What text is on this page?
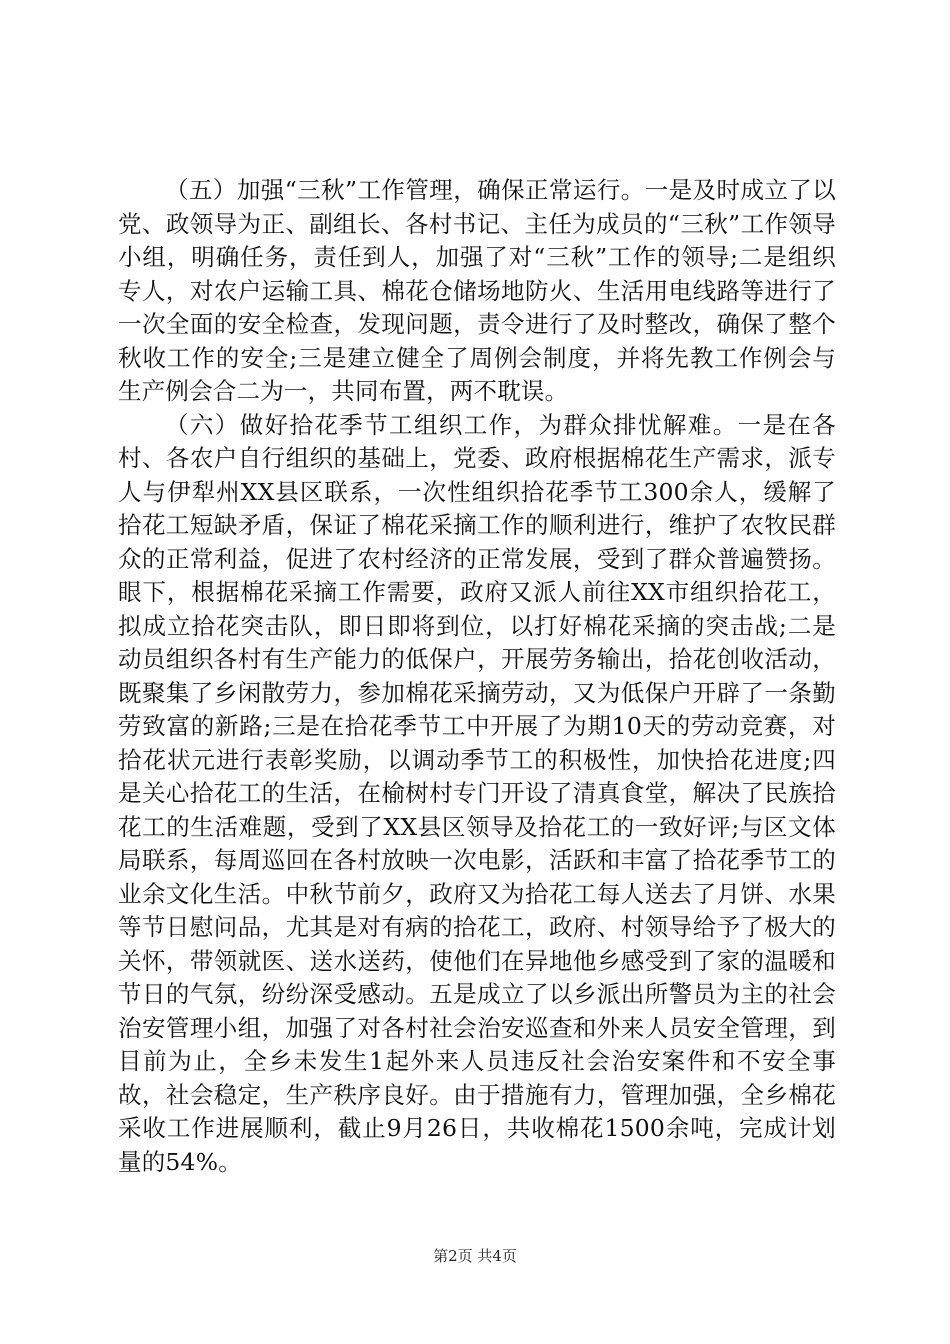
（五）加强“三秋”工作管理，确保正常运行。一是及时成立了以党、政领导为正、副组长、各村书记、主任为成员的“三秋”工作领导小组，明确任务，责任到人，加强了对“三秋”工作的领导;二是组织专人，对农户运输工具、棉花仓储场地防火、生活用电线路等进行了一次全面的安全检查，发现问题，责令进行了及时整改，确保了整个秋收工作的安全;三是建立健全了周例会制度，并将先教工作例会与生产例会合二为一，共同布置，两不耽误。

（六）做好拾花季节工组织工作，为群众排忧解难。一是在各村、各农户自行组织的基础上，党委、政府根据棉花生产需求，派专人与伊犁州XX县区联系，一次性组织拾花季节工300余人，缓解了拾花工短缺矛盾，保证了棉花采摘工作的顺利进行，维护了农牧民群众的正常利益，促进了农村经济的正常发展，受到了群众普遍赞扬。眼下，根据棉花采摘工作需要，政府又派人前往XX市组织拾花工，拟成立拾花突击队，即日即将到位，以打好棉花采摘的突击战;二是动员组织各村有生产能力的低保户，开展劳务输出，拾花创收活动，既聚集了乡闲散劳力，参加棉花采摘劳动，又为低保户开辟了一条勤劳致富的新路;三是在拾花季节工中开展了为期10天的劳动竞赛，对拾花状元进行表彰奖励，以调动季节工的积极性，加快拾花进度;四是关心拾花工的生活，在榆树村专门开设了清真食堂，解决了民族拾花工的生活难题，受到了XX县区领导及拾花工的一致好评;与区文体局联系，每周巡回在各村放映一次电影，活跃和丰富了拾花季节工的业余文化生活。中秋节前夕，政府又为拾花工每人送去了月饼、水果等节日慰问品，尤其是对有病的拾花工，政府、村领导给予了极大的关怀，带领就医、送水送药，使他们在异地他乡感受到了家的温暖和节日的气氛，纷纷深受感动。五是成立了以乡派出所警员为主的社会治安管理小组，加强了对各村社会治安巡查和外来人员安全管理，到目前为止，全乡未发生1起外来人员违反社会治安案件和不安全事故，社会稳定，生产秩序良好。由于措施有力，管理加强，全乡棉花采收工作进展顺利，截止9月26日，共收棉花1500余吨，完成计划量的54%。

第2页 共4页
